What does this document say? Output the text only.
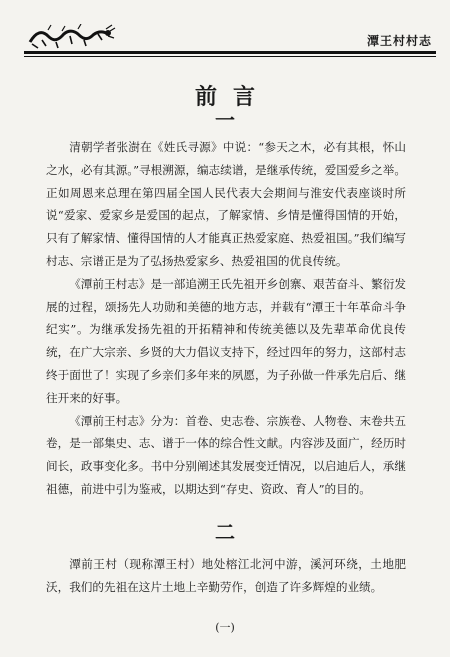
潭王村村志
前言
一

清朝学者张澍在《姓氏寻源》中说：“参天之木，必有其根，怀山之水，必有其源。”寻根溯源，编志续谱，是继承传统，爱国爱乡之举。正如周恩来总理在第四届全国人民代表大会期间与淮安代表座谈时所说“爱家、爱家乡是爱国的起点，了解家情、乡情是懂得国情的开始，只有了解家情、懂得国情的人才能真正热爱家庭、热爱祖国。”我们编写村志、宗谱正是为了弘扬热爱家乡、热爱祖国的优良传统。

《潭前王村志》是一部追溯王氏先祖开乡创寨、艰苦奋斗、繁衍发展的过程，颂扬先人功勋和美德的地方志，并载有“潭王十年革命斗争纪实”。为继承发扬先祖的开拓精神和传统美德以及先辈革命优良传统，在广大宗亲、乡贤的大力倡议支持下，经过四年的努力，这部村志终于面世了！实现了乡亲们多年来的夙愿，为子孙做一件承先启后、继往开来的好事。

《潭前王村志》分为：首卷、史志卷、宗族卷、人物卷、末卷共五卷，是一部集史、志、谱于一体的综合性文献。内容涉及面广，经历时间长，政事变化多。书中分别阐述其发展变迁情况，以启迪后人，承继祖德，前进中引为鉴戒，以期达到“存史、资政、育人”的目的。

二

潭前王村（现称潭王村）地处榕江北河中游，溪河环绕，土地肥沃，我们的先祖在这片土地上辛勤劳作，创造了许多辉煌的业绩。

(一)
